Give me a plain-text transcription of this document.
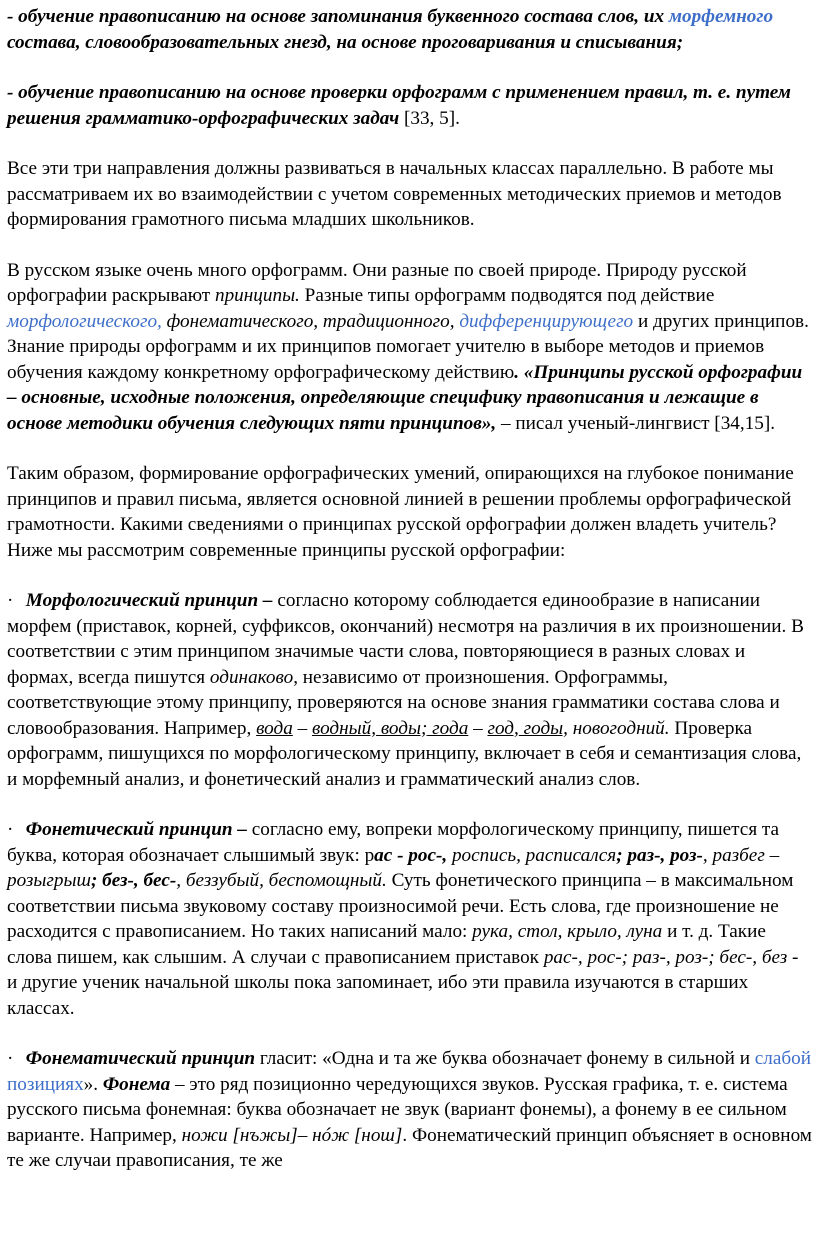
- обучение правописанию на основе запоминания буквенного состава слов, их морфемного состава, словообразовательных гнезд, на основе проговаривания и списывания;

- обучение правописанию на основе проверки орфограмм с применением правил, т. е. путем решения грамматико-орфографических задач [33, 5].

Все эти три направления должны развиваться в начальных классах параллельно. В работе мы рассматриваем их во взаимодействии с учетом современных методических приемов и методов формирования грамотного письма младших школьников.

В русском языке очень много орфограмм. Они разные по своей природе. Природу русской орфографии раскрывают принципы. Разные типы орфограмм подводятся под действие морфологического, фонематического, традиционного, дифференцирующего и других принципов. Знание природы орфограмм и их принципов помогает учителю в выборе методов и приемов обучения каждому конкретному орфографическому действию. «Принципы русской орфографии – основные, исходные положения, определяющие специфику правописания и лежащие в основе методики обучения следующих пяти принципов», – писал ученый-лингвист [34,15].

Таким образом, формирование орфографических умений, опирающихся на глубокое понимание принципов и правил письма, является основной линией в решении проблемы орфографической грамотности. Какими сведениями о принципах русской орфографии должен владеть учитель? Ниже мы рассмотрим современные принципы русской орфографии:

· Морфологический принцип – согласно которому соблюдается единообразие в написании морфем (приставок, корней, суффиксов, окончаний) несмотря на различия в их произношении. В соответствии с этим принципом значимые части слова, повторяющиеся в разных словах и формах, всегда пишутся одинаково, независимо от произношения. Орфограммы, соответствующие этому принципу, проверяются на основе знания грамматики состава слова и словообразования. Например, вода – водный, воды; года – год, годы, новогодний. Проверка орфограмм, пишущихся по морфологическому принципу, включает в себя и семантизация слова, и морфемный анализ, и фонетический анализ и грамматический анализ слов.

· Фонетический принцип – согласно ему, вопреки морфологическому принципу, пишется та буква, которая обозначает слышимый звук: рас - рос-, роспись, расписался; раз-, роз-, разбег – розыгрыш; без-, бес-, беззубый, беспомощный. Суть фонетического принципа – в максимальном соответствии письма звуковому составу произносимой речи. Есть слова, где произношение не расходится с правописанием. Но таких написаний мало: рука, стол, крыло, луна и т. д. Такие слова пишем, как слышим. А случаи с правописанием приставок рас-, рос-; раз-, роз-; бес-, без - и другие ученик начальной школы пока запоминает, ибо эти правила изучаются в старших классах.

· Фонематический принцип гласит: «Одна и та же буква обозначает фонему в сильной и слабой позициях». Фонема – это ряд позиционно чередующихся звуков. Русская графика, т. е. система русского письма фонемная: буква обозначает не звук (вариант фонемы), а фонему в ее сильном варианте. Например, ножи [нъжы]– нóж [нош]. Фонематический принцип объясняет в основном те же случаи правописания, те же
